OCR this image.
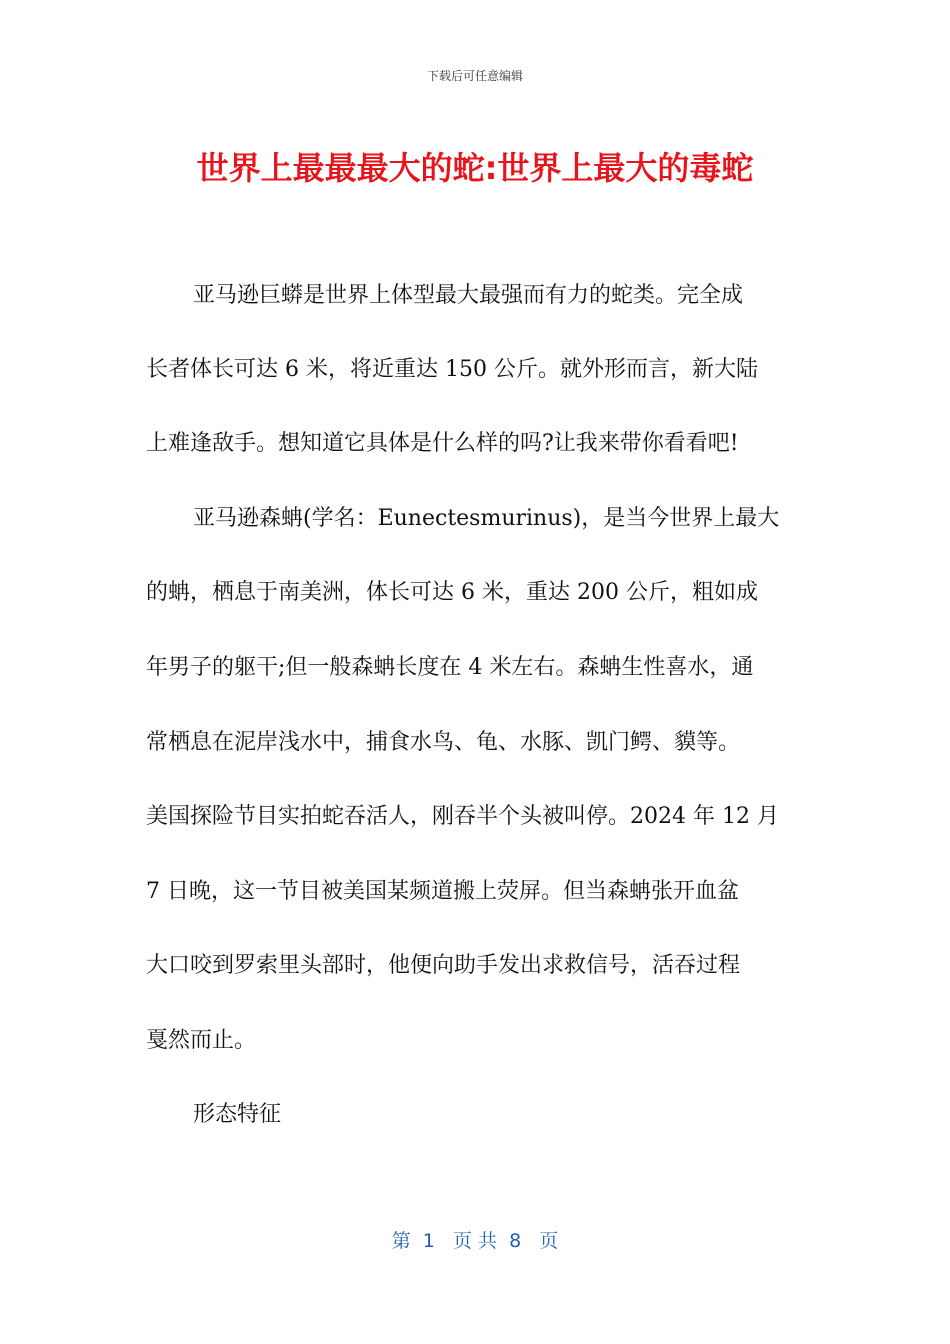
下载后可任意编辑
世界上最最最大的蛇:世界上最大的毒蛇

亚马逊巨蟒是世界上体型最大最强而有力的蛇类。完全成

长者体长可达 6 米，将近重达 150 公斤。就外形而言，新大陆

上难逢敌手。想知道它具体是什么样的吗?让我来带你看看吧!

亚马逊森蚺(学名：Eunectesmurinus)，是当今世界上最大

的蚺，栖息于南美洲，体长可达 6 米，重达 200 公斤，粗如成

年男子的躯干;但一般森蚺长度在 4 米左右。森蚺生性喜水，通

常栖息在泥岸浅水中，捕食水鸟、龟、水豚、凯门鳄、貘等。

美国探险节目实拍蛇吞活人，刚吞半个头被叫停。2024 年 12 月

7 日晚，这一节目被美国某频道搬上荧屏。但当森蚺张开血盆

大口咬到罗索里头部时，他便向助手发出求救信号，活吞过程

戛然而止。

形态特征

第  1   页 共  8   页
